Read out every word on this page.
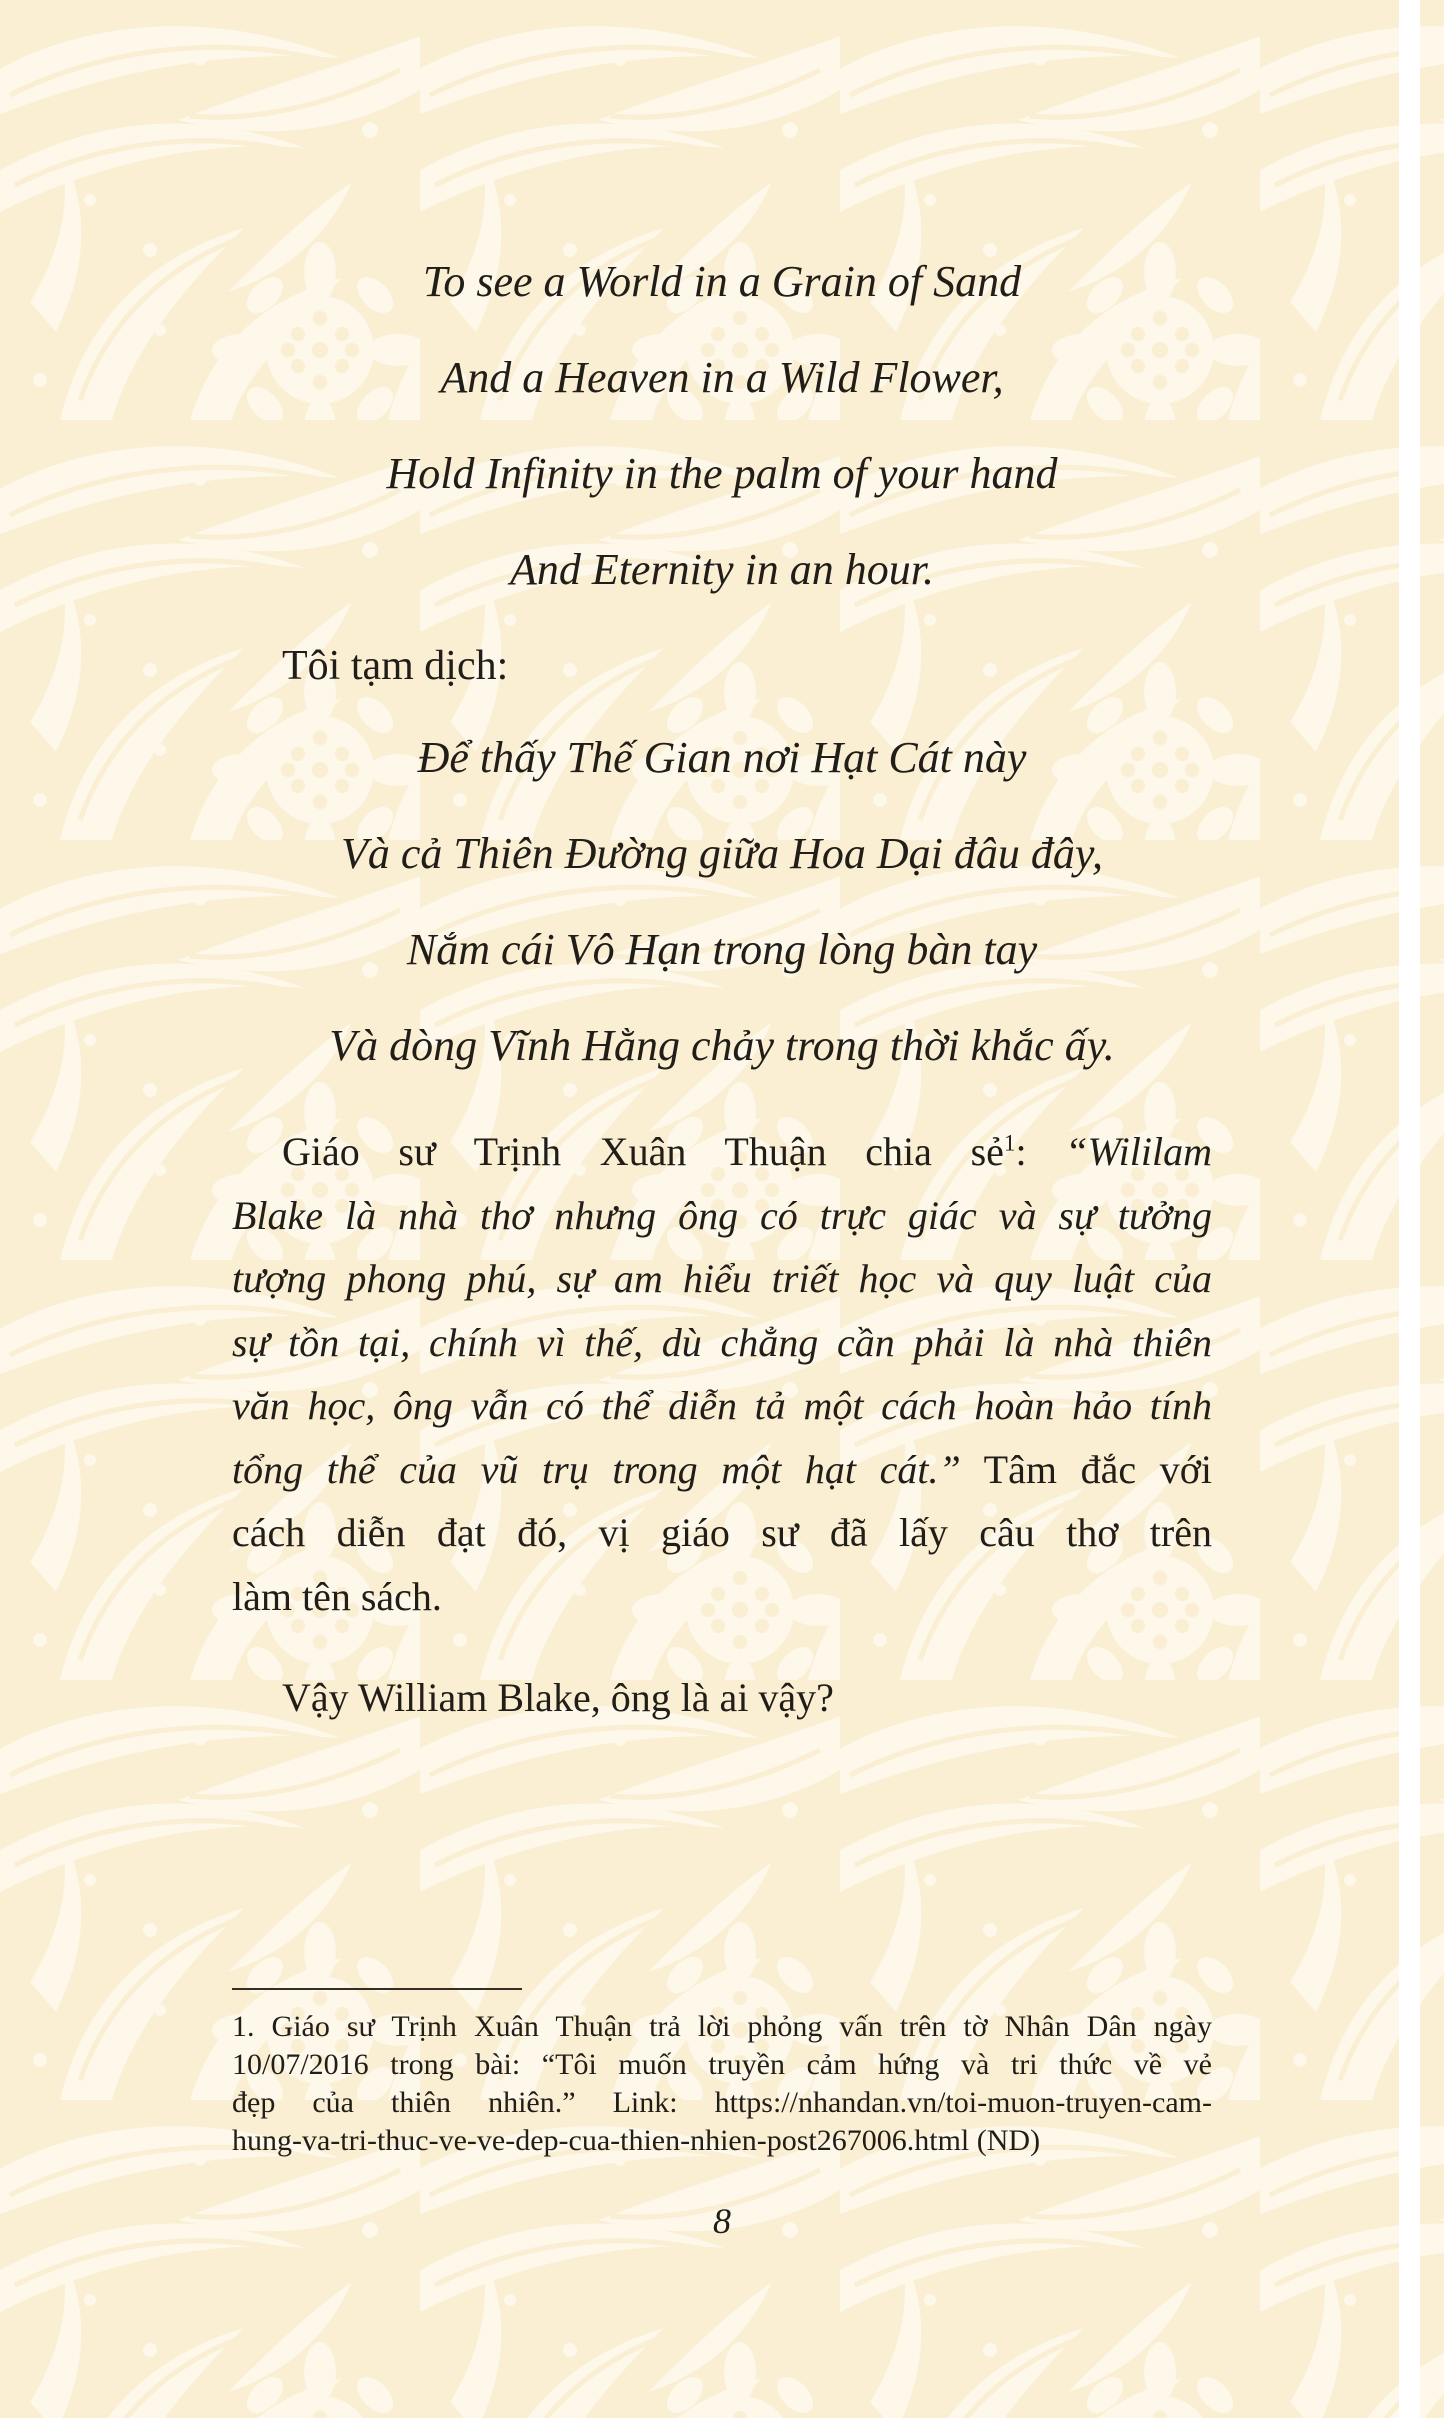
To see a World in a Grain of Sand
And a Heaven in a Wild Flower,
Hold Infinity in the palm of your hand
And Eternity in an hour.
Tôi tạm dịch:
Để thấy Thế Gian nơi Hạt Cát này
Và cả Thiên Đường giữa Hoa Dại đâu đây,
Nắm cái Vô Hạn trong lòng bàn tay
Và dòng Vĩnh Hằng chảy trong thời khắc ấy.
Giáo sư Trịnh Xuân Thuận chia sẻ$^1$: “Wililam
Blake là nhà thơ nhưng ông có trực giác và sự tưởng
tượng phong phú, sự am hiểu triết học và quy luật của
sự tồn tại, chính vì thế, dù chẳng cần phải là nhà thiên
văn học, ông vẫn có thể diễn tả một cách hoàn hảo tính
tổng thể của vũ trụ trong một hạt cát.” Tâm đắc với
cách diễn đạt đó, vị giáo sư đã lấy câu thơ trên
làm tên sách.
Vậy William Blake, ông là ai vậy?
1. Giáo sư Trịnh Xuân Thuận trả lời phỏng vấn trên tờ Nhân Dân ngày
10/07/2016 trong bài: “Tôi muốn truyền cảm hứng và tri thức về vẻ
đẹp của thiên nhiên.” Link: https://nhandan.vn/toi-muon-truyen-cam-
hung-va-tri-thuc-ve-ve-dep-cua-thien-nhien-post267006.html (ND)
8
